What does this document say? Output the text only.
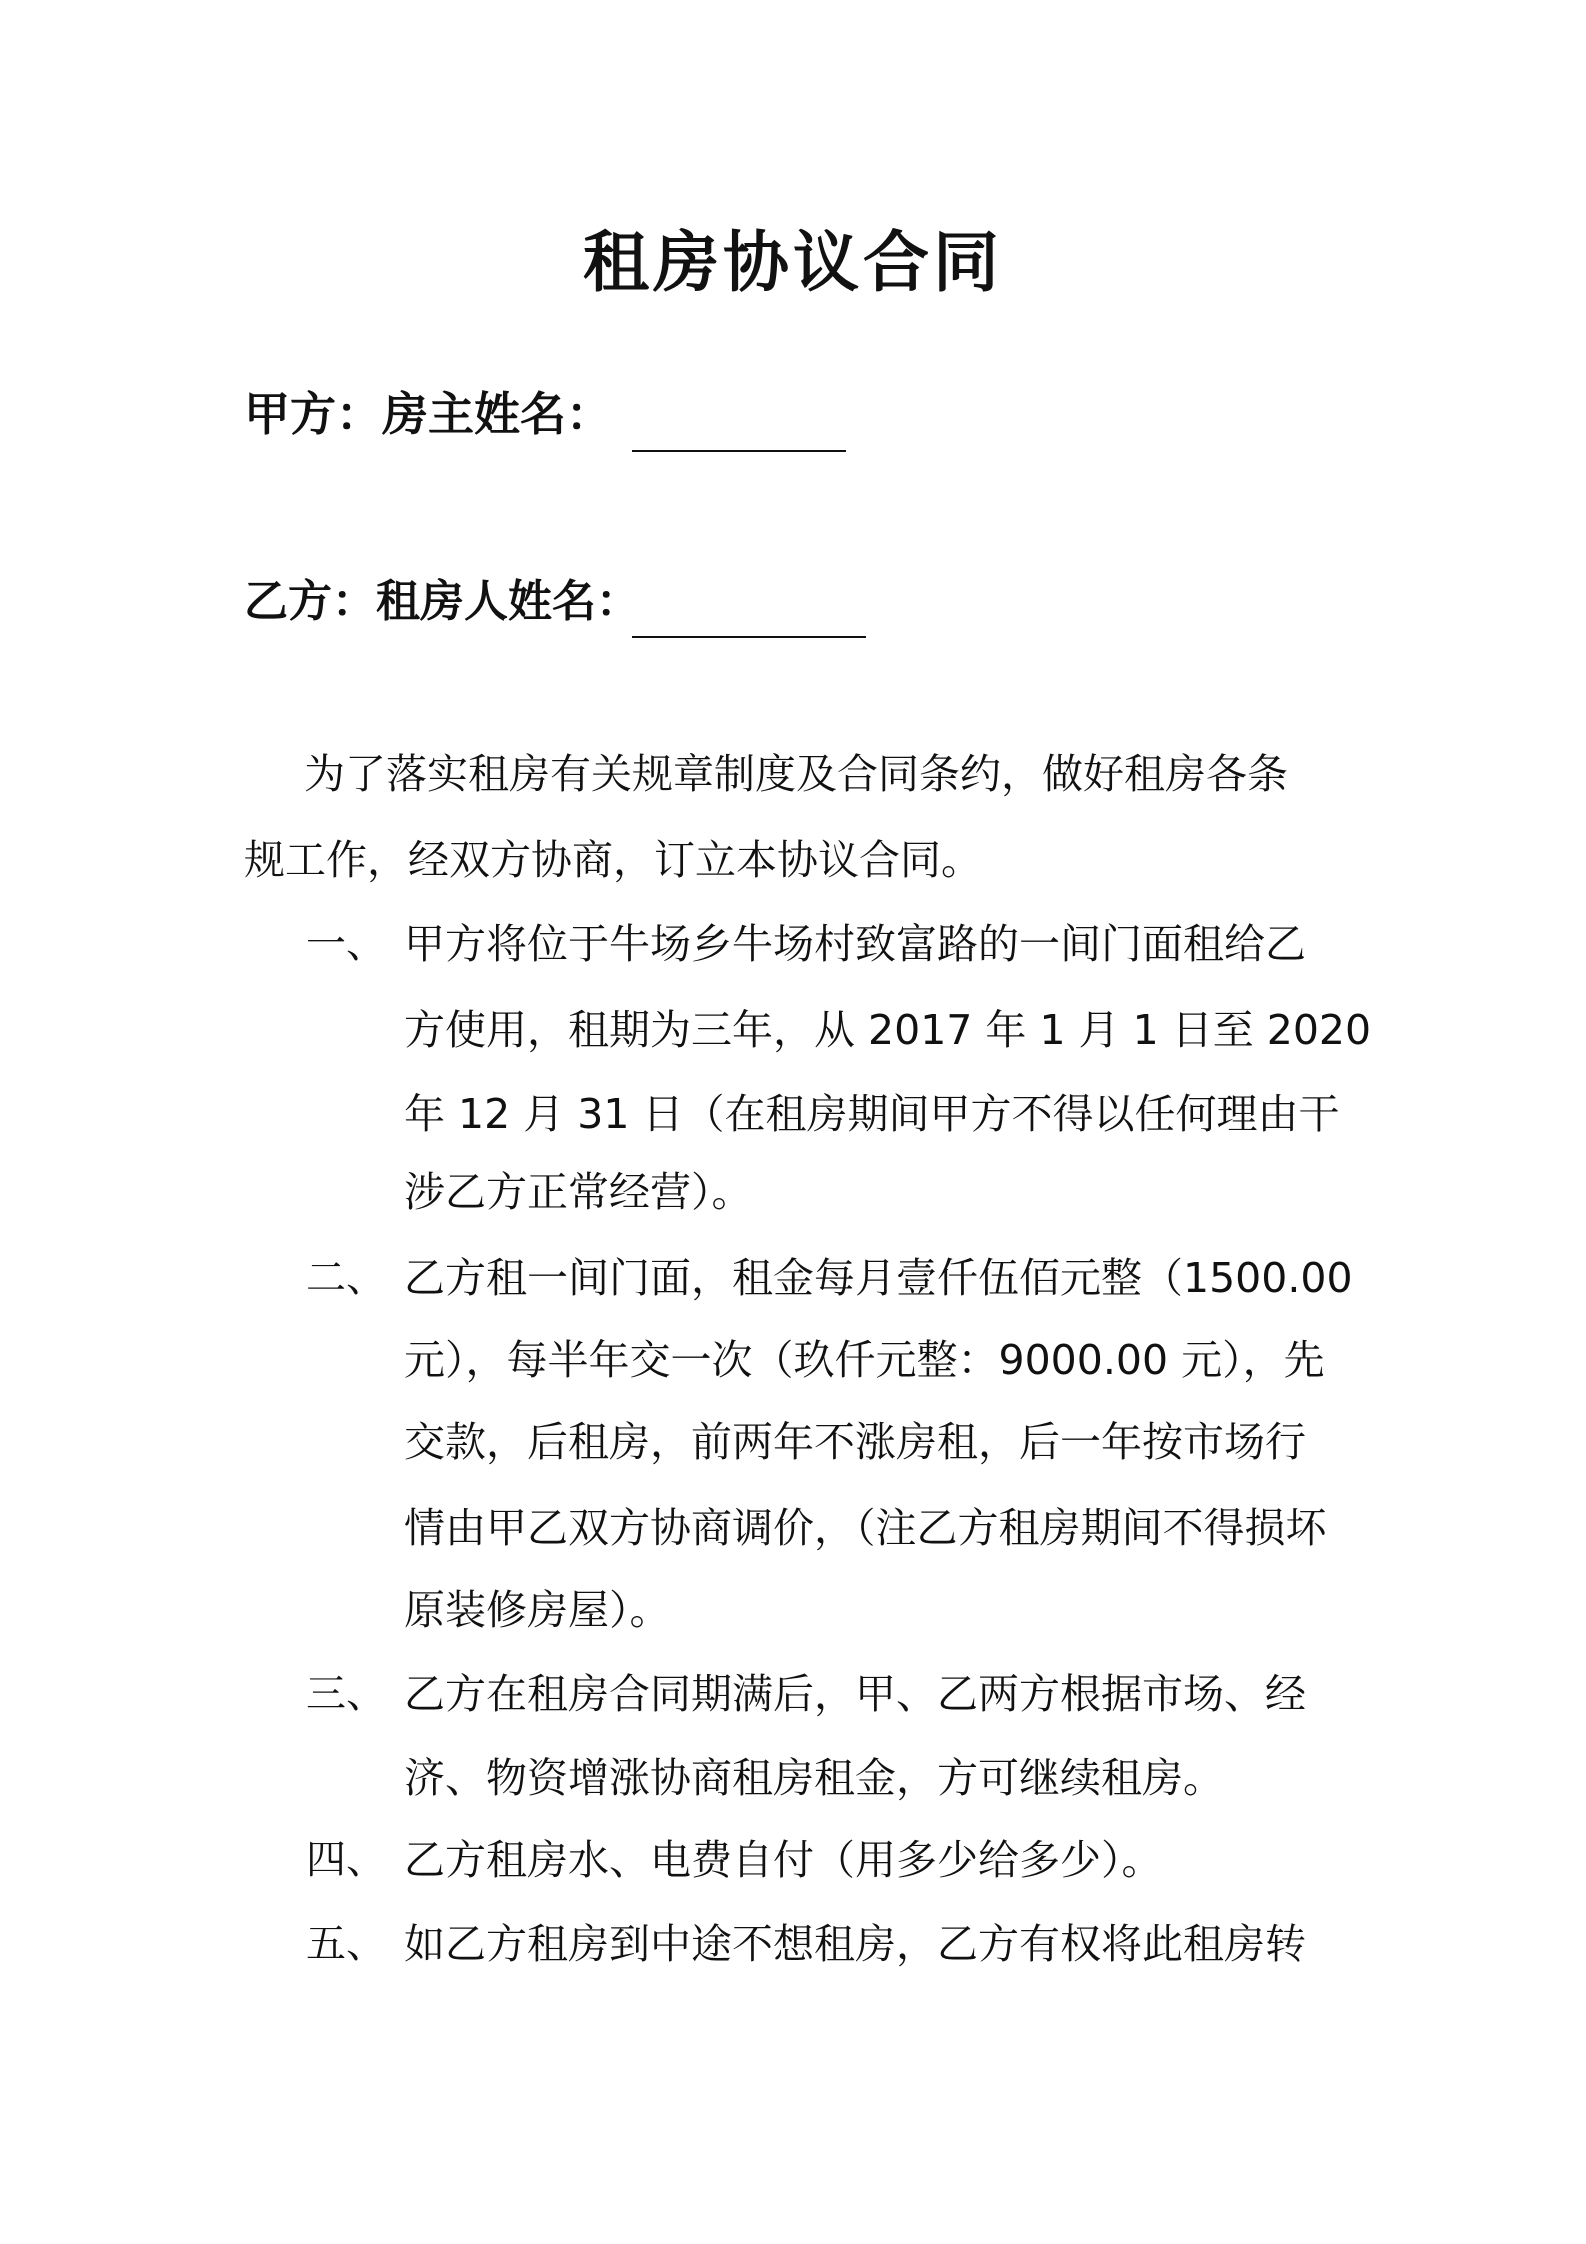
租房协议合同
甲方：房主姓名：
乙方：租房人姓名：
为了落实租房有关规章制度及合同条约，做好租房各条
规工作，经双方协商，订立本协议合同。
一、 甲方将位于牛场乡牛场村致富路的一间门面租给乙
方使用，租期为三年，从 2017 年 1 月 1 日至 2020
年 12 月 31 日（在租房期间甲方不得以任何理由干
涉乙方正常经营）。
二、 乙方租一间门面，租金每月壹仟伍佰元整（1500.00
元），每半年交一次（玖仟元整：9000.00 元），先
交款，后租房，前两年不涨房租，后一年按市场行
情由甲乙双方协商调价，（注乙方租房期间不得损坏
原装修房屋）。
三、 乙方在租房合同期满后，甲、乙两方根据市场、经
济、物资增涨协商租房租金，方可继续租房。
四、 乙方租房水、电费自付（用多少给多少）。
五、 如乙方租房到中途不想租房，乙方有权将此租房转
